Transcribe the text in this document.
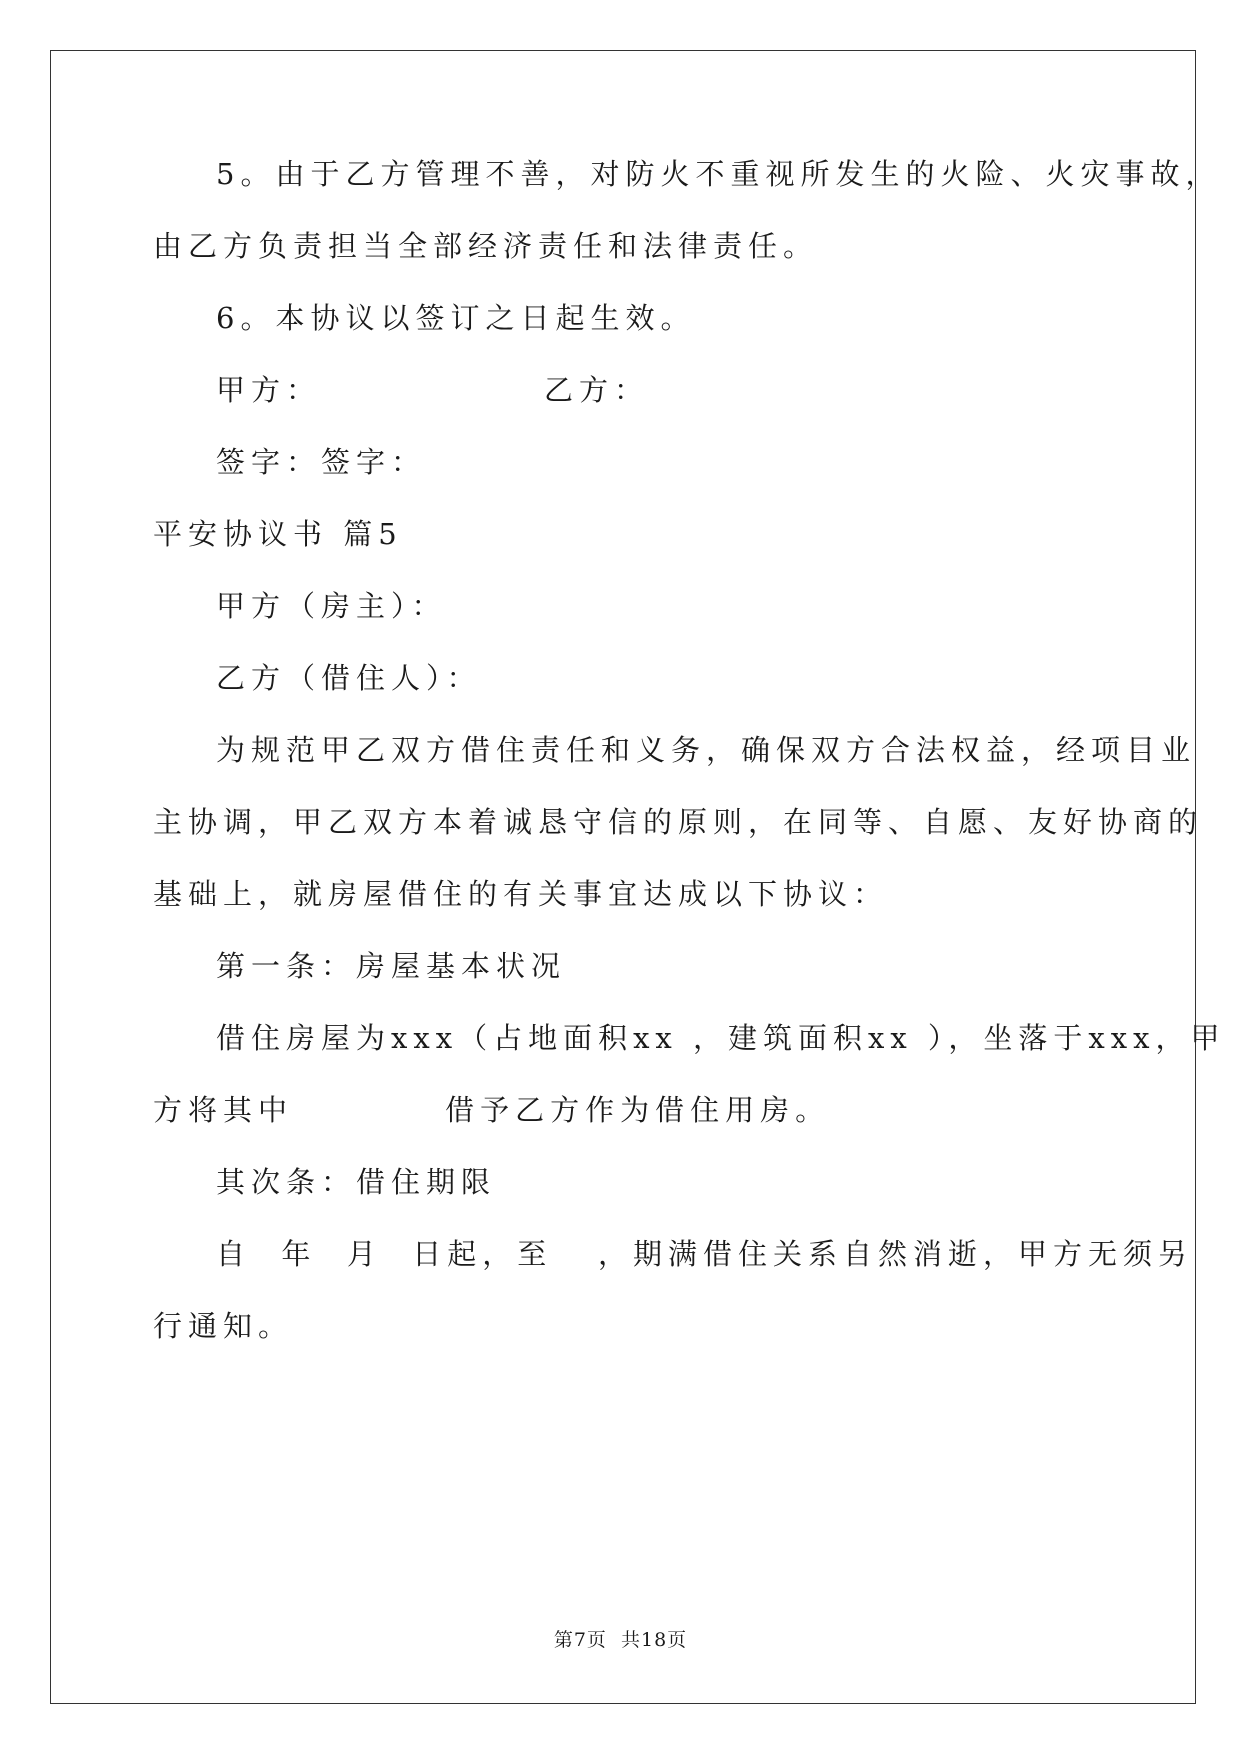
5。由于乙方管理不善，对防火不重视所发生的火险、火灾事故，
由乙方负责担当全部经济责任和法律责任。
6。本协议以签订之日起生效。
甲方：	乙方：
签字：签字：
平安协议书 篇5
甲方（房主）：
乙方（借住人）：
为规范甲乙双方借住责任和义务，确保双方合法权益，经项目业
主协调，甲乙双方本着诚恳守信的原则，在同等、自愿、友好协商的
基础上，就房屋借住的有关事宜达成以下协议：
第一条：房屋基本状况
借住房屋为xxx（占地面积xx ，建筑面积xx ），坐落于xxx，甲
方将其中          借予乙方作为借住用房。
其次条：借住期限
自  年  月  日起，至   ，期满借住关系自然消逝，甲方无须另
行通知。
第7页  共18页
